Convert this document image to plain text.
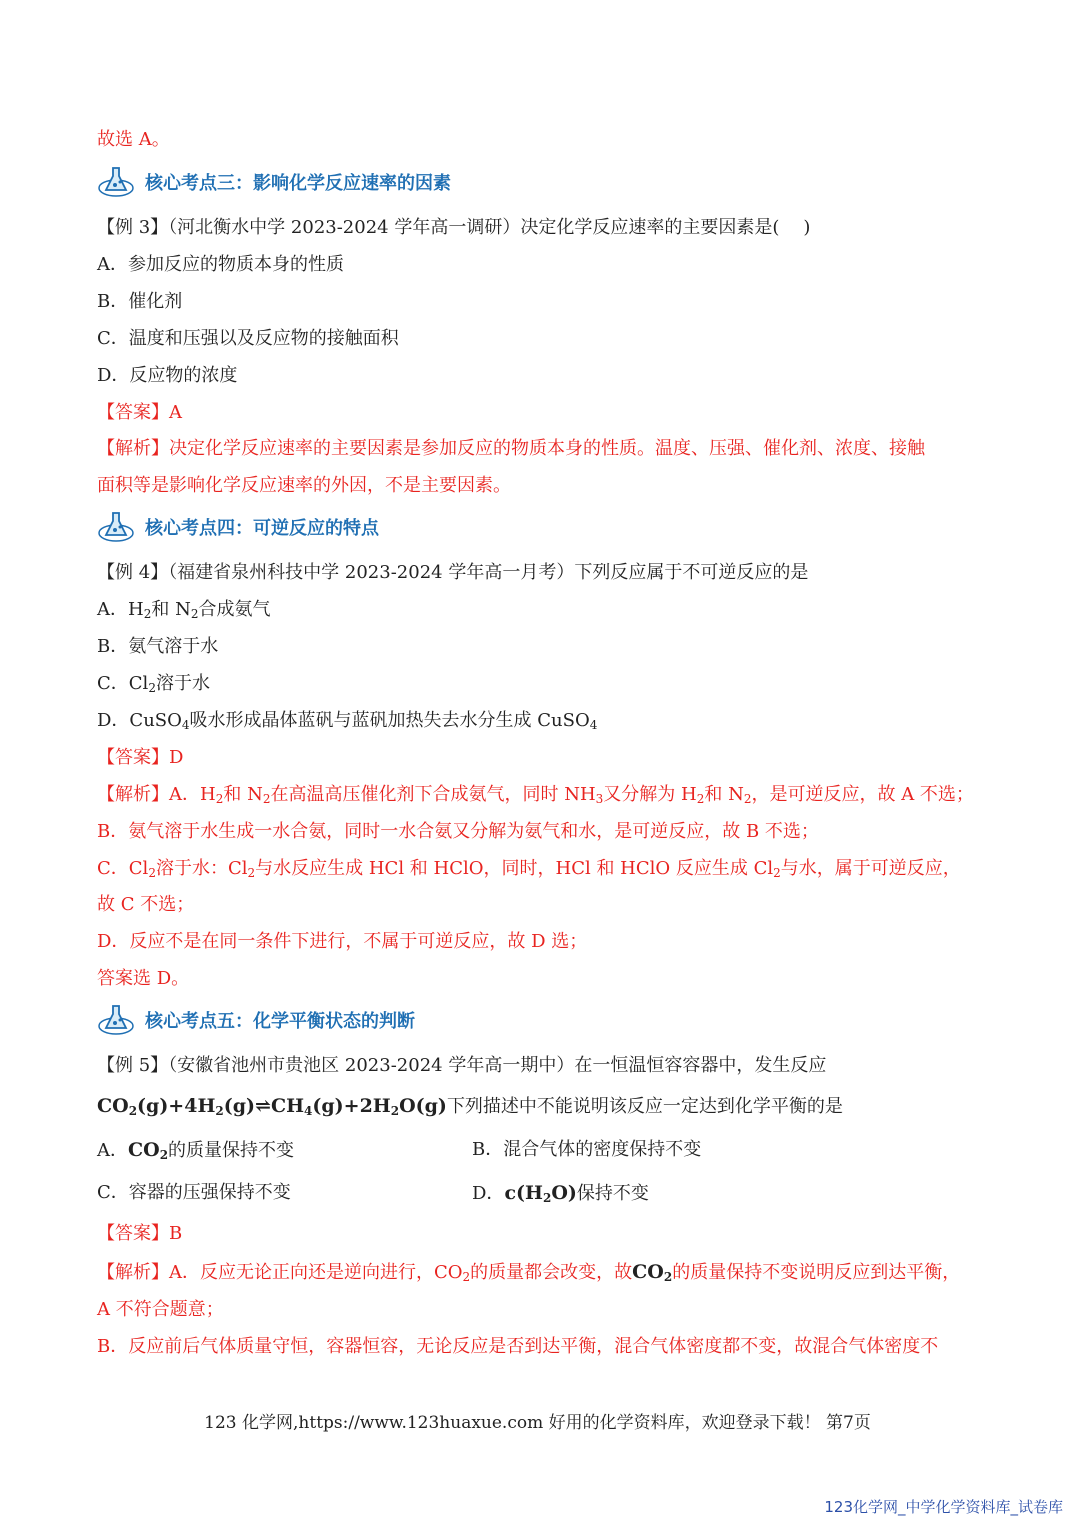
故选 A。
核心考点三：影响化学反应速率的因素
【例 3】（河北衡水中学 2023-2024 学年高一调研）决定化学反应速率的主要因素是( )
A．参加反应的物质本身的性质
B．催化剂
C．温度和压强以及反应物的接触面积
D．反应物的浓度
【答案】A
【解析】决定化学反应速率的主要因素是参加反应的物质本身的性质。温度、压强、催化剂、浓度、接触
面积等是影响化学反应速率的外因，不是主要因素。
核心考点四：可逆反应的特点
【例 4】（福建省泉州科技中学 2023-2024 学年高一月考）下列反应属于不可逆反应的是
A．$H_2$和 $N_2$合成氨气
B．氨气溶于水
C．$Cl_2$溶于水
D．CuSO$_4$吸水形成晶体蓝矾与蓝矾加热失去水分生成 CuSO$_4$
【答案】D
【解析】A．$H_2$和 $N_2$在高温高压催化剂下合成氨气，同时 $NH_3$又分解为 $H_2$和 $N_2$，是可逆反应，故 A 不选；
B．氨气溶于水生成一水合氨，同时一水合氨又分解为氨气和水，是可逆反应，故 B 不选；
C．$Cl_2$溶于水：$Cl_2$与水反应生成 HCl 和 HClO，同时，HCl 和 HClO 反应生成 $Cl_2$与水，属于可逆反应，
故 C 不选；
D．反应不是在同一条件下进行，不属于可逆反应，故 D 选；
答案选 D。
核心考点五：化学平衡状态的判断
【例 5】（安徽省池州市贵池区 2023-2024 学年高一期中）在一恒温恒容容器中，发生反应
$CO_2(g)+4H_2(g)\rightleftharpoons CH_4(g)+2H_2O(g)$下列描述中不能说明该反应一定达到化学平衡的是
A．$CO_2$的质量保持不变	B．混合气体的密度保持不变
C．容器的压强保持不变	D．$c(H_2O)$保持不变
【答案】B
【解析】A．反应无论正向还是逆向进行，$CO_2$的质量都会改变，故$CO_2$的质量保持不变说明反应到达平衡，
A 不符合题意；
B．反应前后气体质量守恒，容器恒容，无论反应是否到达平衡，混合气体密度都不变，故混合气体密度不
123 化学网,https://www.123huaxue.com 好用的化学资料库，欢迎登录下载！ 第7页
123化学网_中学化学资料库_试卷库
